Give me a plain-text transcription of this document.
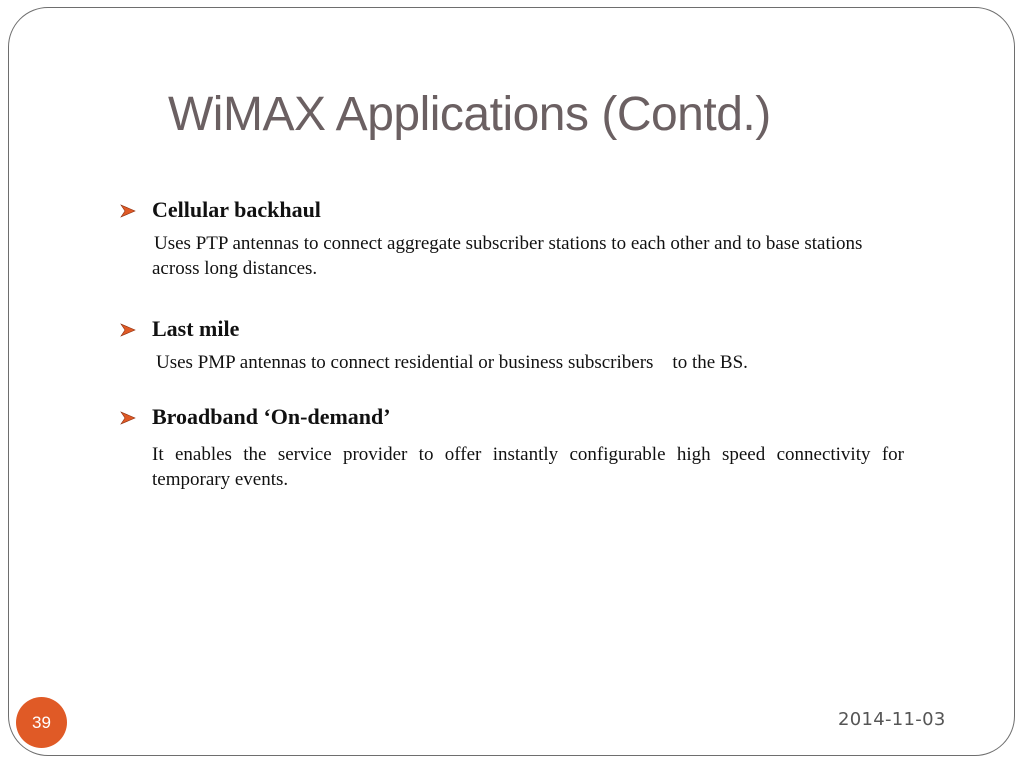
WiMAX Applications (Contd.)
Cellular backhaul
Uses PTP antennas to connect aggregate subscriber stations to each other and to base stations across long distances.
Last mile
Uses PMP antennas to connect residential or business subscribers    to the BS.
Broadband ‘On-demand’
It enables the service provider to offer instantly configurable high speed connectivity for temporary events.
39	2014-11-03
